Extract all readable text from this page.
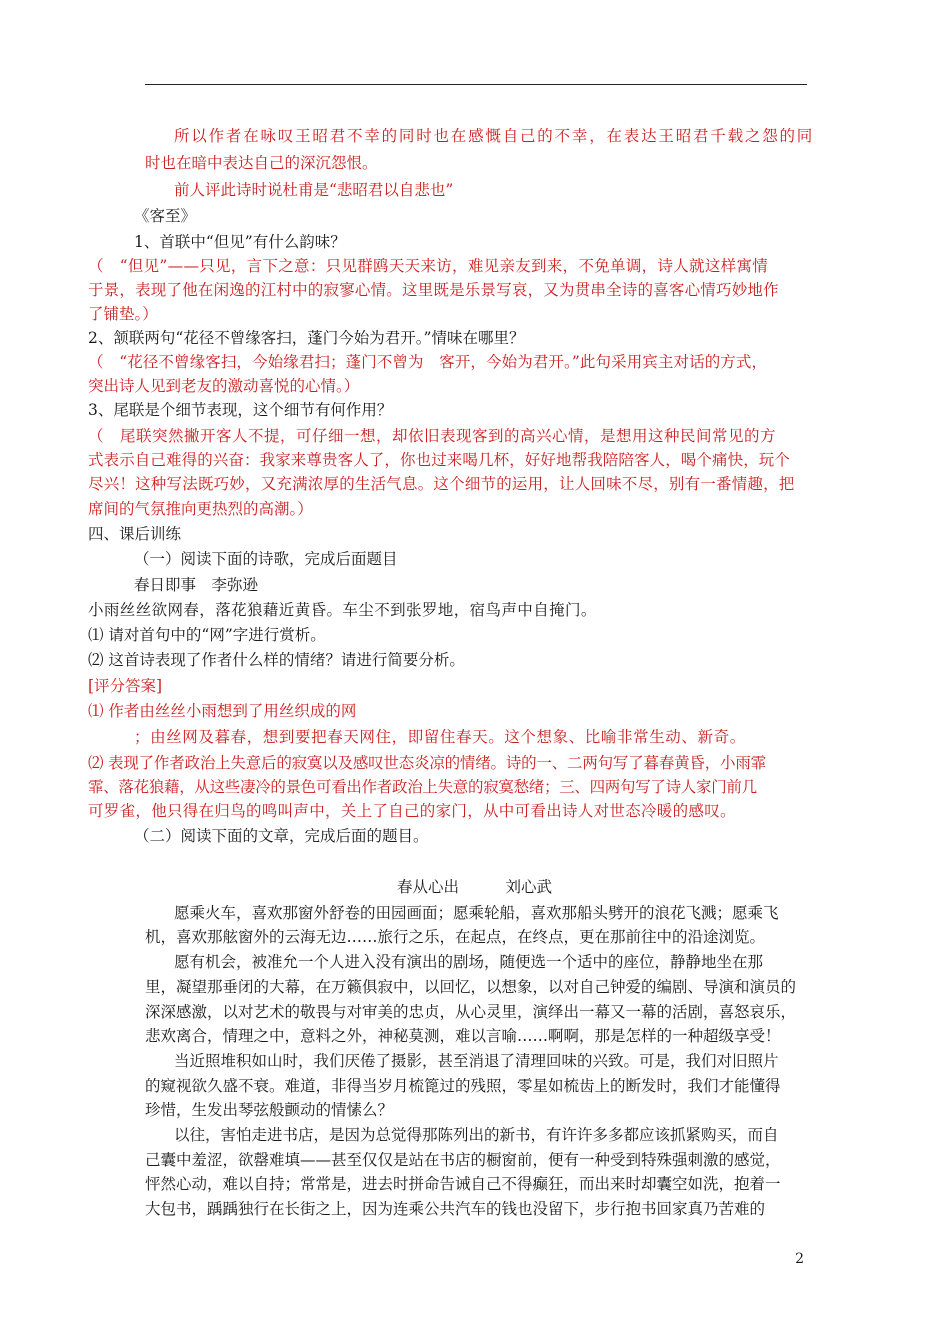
所以作者在咏叹王昭君不幸的同时也在感慨自己的不幸，在表达王昭君千载之怨的同
时也在暗中表达自己的深沉怨恨。
前人评此诗时说杜甫是“悲昭君以自悲也”
《客至》
1、首联中“但见”有什么韵味？
（　“但见”——只见，言下之意：只见群鸥天天来访，难见亲友到来，不免单调，诗人就这样寓情
于景，表现了他在闲逸的江村中的寂寥心情。这里既是乐景写哀，又为贯串全诗的喜客心情巧妙地作
了铺垫。）
2、颔联两句“花径不曾缘客扫，蓬门今始为君开。”情味在哪里？
（　“花径不曾缘客扫，今始缘君扫；蓬门不曾为　客开，今始为君开。”此句采用宾主对话的方式，
突出诗人见到老友的激动喜悦的心情。）
3、尾联是个细节表现，这个细节有何作用？
（　尾联突然撇开客人不提，可仔细一想，却依旧表现客到的高兴心情，是想用这种民间常见的方
式表示自己难得的兴奋：我家来尊贵客人了，你也过来喝几杯，好好地帮我陪陪客人，喝个痛快，玩个
尽兴！这种写法既巧妙，又充满浓厚的生活气息。这个细节的运用，让人回味不尽，别有一番情趣，把
席间的气氛推向更热烈的高潮。）
四、课后训练
（一）阅读下面的诗歌，完成后面题目
春日即事　李弥逊
小雨丝丝欲网春，落花狼藉近黄昏。车尘不到张罗地，宿鸟声中自掩门。
⑴ 请对首句中的“网”字进行赏析。
⑵ 这首诗表现了作者什么样的情绪？请进行简要分析。
[评分答案]
⑴ 作者由丝丝小雨想到了用丝织成的网
；由丝网及暮春，想到要把春天网住，即留住春天。这个想象、比喻非常生动、新奇。
⑵ 表现了作者政治上失意后的寂寞以及感叹世态炎凉的情绪。诗的一、二两句写了暮春黄昏，小雨霏
霏、落花狼藉，从这些凄冷的景色可看出作者政治上失意的寂寞愁绪；三、四两句写了诗人家门前几
可罗雀，他只得在归鸟的鸣叫声中，关上了自己的家门，从中可看出诗人对世态冷暖的感叹。
（二）阅读下面的文章，完成后面的题目。
春从心出　　　刘心武
愿乘火车，喜欢那窗外舒卷的田园画面；愿乘轮船，喜欢那船头劈开的浪花飞溅；愿乘飞
机，喜欢那舷窗外的云海无边……旅行之乐，在起点，在终点，更在那前往中的沿途浏览。
愿有机会，被准允一个人进入没有演出的剧场，随便选一个适中的座位，静静地坐在那
里，凝望那垂闭的大幕，在万籁俱寂中，以回忆，以想象，以对自己钟爱的编剧、导演和演员的
深深感激，以对艺术的敬畏与对审美的忠贞，从心灵里，演绎出一幕又一幕的活剧，喜怒哀乐，
悲欢离合，情理之中，意料之外，神秘莫测，难以言喻……啊啊，那是怎样的一种超级享受！
当近照堆积如山时，我们厌倦了摄影，甚至消退了清理回味的兴致。可是，我们对旧照片
的窥视欲久盛不衰。难道，非得当岁月梳篦过的残照，零星如梳齿上的断发时，我们才能懂得
珍惜，生发出琴弦般颤动的情愫么？
以往，害怕走进书店，是因为总觉得那陈列出的新书，有许许多多都应该抓紧购买，而自
己囊中羞涩，欲罄难填——甚至仅仅是站在书店的橱窗前，便有一种受到特殊强刺激的感觉，
怦然心动，难以自持；常常是，进去时拼命告诫自己不得癫狂，而出来时却囊空如洗，抱着一
大包书，踽踽独行在长街之上，因为连乘公共汽车的钱也没留下，步行抱书回家真乃苦难的
2
